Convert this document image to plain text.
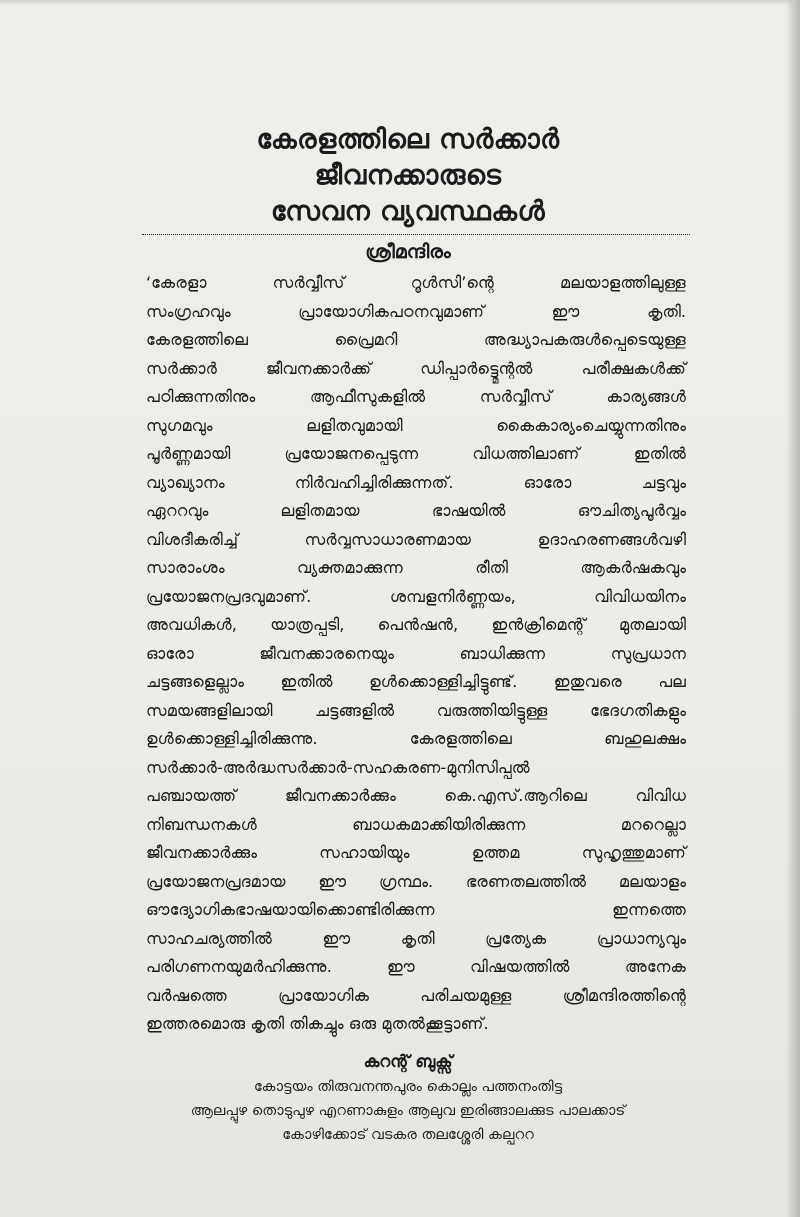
കേരളത്തിലെ സർക്കാർ
ജീവനക്കാരുടെ
സേവന വ്യവസ്ഥകൾ
ശ്രീമന്ദിരം
‘കേരളാ സർവ്വീസ് റൂൾസി’ന്റെ മലയാളത്തിലുള്ള
സംഗ്രഹവും പ്രായോഗികപഠനവുമാണ് ഈ കൃതി.
കേരളത്തിലെ പ്രൈമറി അദ്ധ്യാപകരുൾപ്പെടെയുള്ള
സർക്കാർ ജീവനക്കാർക്ക് ഡിപ്പാർട്ട്മെന്റൽ പരീക്ഷകൾക്ക്
പഠിക്കുന്നതിനും ആഫീസുകളിൽ സർവ്വീസ് കാര്യങ്ങൾ
സുഗമവും ലളിതവുമായി കൈകാര്യംചെയ്യുന്നതിനും
പൂർണ്ണമായി പ്രയോജനപ്പെടുന്ന വിധത്തിലാണ് ഇതിൽ
വ്യാഖ്യാനം നിർവഹിച്ചിരിക്കുന്നത്. ഓരോ ചട്ടവും
ഏററവും ലളിതമായ ഭാഷയിൽ ഔചിത്യപൂർവ്വം
വിശദീകരിച്ച് സർവ്വസാധാരണമായ ഉദാഹരണങ്ങൾവഴി
സാരാംശം വ്യക്തമാക്കുന്ന രീതി ആകർഷകവും
പ്രയോജനപ്രദവുമാണ്. ശമ്പളനിർണ്ണയം, വിവിധയിനം
അവധികൾ, യാത്രപ്പടി, പെൻഷൻ, ഇൻക്രിമെന്റ് മുതലായി
ഓരോ ജീവനക്കാരനെയും ബാധിക്കുന്ന സുപ്രധാന
ചട്ടങ്ങളെല്ലാം ഇതിൽ ഉൾക്കൊള്ളിച്ചിട്ടുണ്ട്. ഇതുവരെ പല
സമയങ്ങളിലായി ചട്ടങ്ങളിൽ വരുത്തിയിട്ടുള്ള ഭേദഗതികളും
ഉൾക്കൊള്ളിച്ചിരിക്കുന്നു. കേരളത്തിലെ ബഹുലക്ഷം
സർക്കാർ-അർദ്ധസർക്കാർ-സഹകരണ-മുനിസിപ്പൽ
പഞ്ചായത്ത് ജീവനക്കാർക്കും കെ.എസ്.ആറിലെ വിവിധ
നിബന്ധനകൾ ബാധകമാക്കിയിരിക്കുന്ന മററെല്ലാ
ജീവനക്കാർക്കും സഹായിയും ഉത്തമ സുഹൃത്തുമാണ്
പ്രയോജനപ്രദമായ ഈ ഗ്രന്ഥം. ഭരണതലത്തിൽ മലയാളം
ഔദ്യോഗികഭാഷയായിക്കൊണ്ടിരിക്കുന്ന ഇന്നത്തെ
സാഹചര്യത്തിൽ ഈ കൃതി പ്രത്യേക പ്രാധാന്യവും
പരിഗണനയുമർഹിക്കുന്നു. ഈ വിഷയത്തിൽ അനേക
വർഷത്തെ പ്രായോഗിക പരിചയമുള്ള ശ്രീമന്ദിരത്തിന്റെ
ഇത്തരമൊരു കൃതി തികച്ചും ഒരു മുതൽക്കൂട്ടാണ്.
കറന്റ് ബുക്സ്
കോട്ടയം തിരുവനന്തപുരം കൊല്ലം പത്തനംതിട്ട
ആലപ്പുഴ തൊടുപുഴ എറണാകുളം ആലുവ ഇരിങ്ങാലക്കുട പാലക്കാട്
കോഴിക്കോട് വടകര തലശ്ശേരി കല്പററ
